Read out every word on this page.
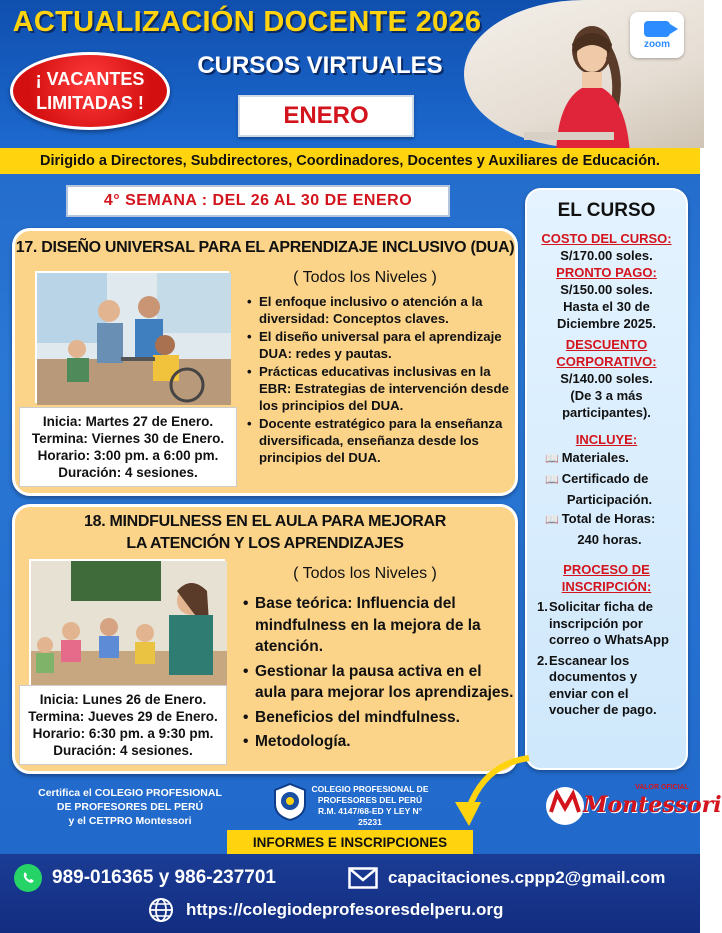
ACTUALIZACIÓN DOCENTE 2026
CURSOS VIRTUALES
¡ VACANTES
LIMITADAS !	ENERO
zoom
Dirigido a Directores, Subdirectores, Coordinadores, Docentes y Auxiliares de Educación.
4° SEMANA : DEL 26 AL 30 DE ENERO
17. DISEÑO UNIVERSAL PARA EL APRENDIZAJE INCLUSIVO (DUA)
( Todos los Niveles )
Inicia: Martes 27 de Enero.
Termina: Viernes 30 de Enero.
Horario: 3:00 pm. a 6:00 pm.
Duración: 4 sesiones.
• El enfoque inclusivo o atención a la diversidad: Conceptos claves.
• El diseño universal para el aprendizaje DUA: redes y pautas.
• Prácticas educativas inclusivas en la EBR: Estrategias de intervención desde los principios del DUA.
• Docente estratégico para la enseñanza diversificada, enseñanza desde los principios del DUA.
18. MINDFULNESS EN EL AULA PARA MEJORAR
LA ATENCIÓN Y LOS APRENDIZAJES
( Todos los Niveles )
Inicia: Lunes 26 de Enero.
Termina: Jueves 29 de Enero.
Horario: 6:30 pm. a 9:30 pm.
Duración: 4 sesiones.
• Base teórica: Influencia del mindfulness en la mejora de la atención.
• Gestionar la pausa activa en el aula para mejorar los aprendizajes.
• Beneficios del mindfulness.
• Metodología.
EL CURSO
COSTO DEL CURSO:
S/170.00 soles.
PRONTO PAGO:
S/150.00 soles.
Hasta el 30 de
Diciembre 2025.
DESCUENTO
CORPORATIVO:
S/140.00 soles.
(De 3 a más
participantes).
INCLUYE:
📖 Materiales.
📖 Certificado de
Participación.
📖 Total de Horas:
240 horas.
PROCESO DE
INSCRIPCIÓN:
1.Solicitar ficha de
inscripción por
correo o WhatsApp
2.Escanear los
documentos y
enviar con el
voucher de pago.
Certifica el COLEGIO PROFESIONAL
DE PROFESORES DEL PERÚ
y el CETPRO Montessori
COLEGIO PROFESIONAL DE
PROFESORES DEL PERÚ
R.M. 4147/68-ED Y LEY N° 25231
VALOR OFICIAL
Montessori
INFORMES E INSCRIPCIONES
989-016365 y 986-237701	capacitaciones.cppp2@gmail.com
https://colegiodeprofesoresdelperu.org
